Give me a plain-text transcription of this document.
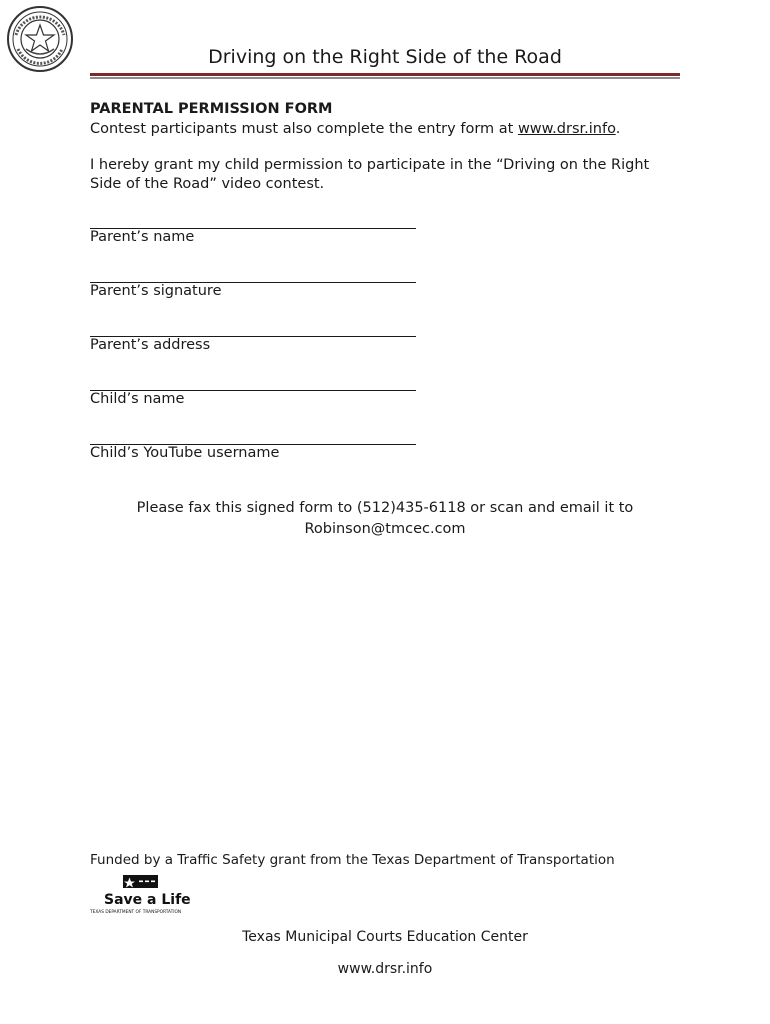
Driving on the Right Side of the Road
PARENTAL PERMISSION FORM
Contest participants must also complete the entry form at www.drsr.info.
I hereby grant my child permission to participate in the “Driving on the Right
Side of the Road” video contest.
Parent’s name
Parent’s signature
Parent’s address
Child’s name
Child’s YouTube username
Please fax this signed form to (512)435-6118 or scan and email it to
Robinson@tmcec.com
Funded by a Traffic Safety grant from the Texas Department of Transportation
Save a Life
TEXAS DEPARTMENT OF TRANSPORTATION
Texas Municipal Courts Education Center
www.drsr.info
